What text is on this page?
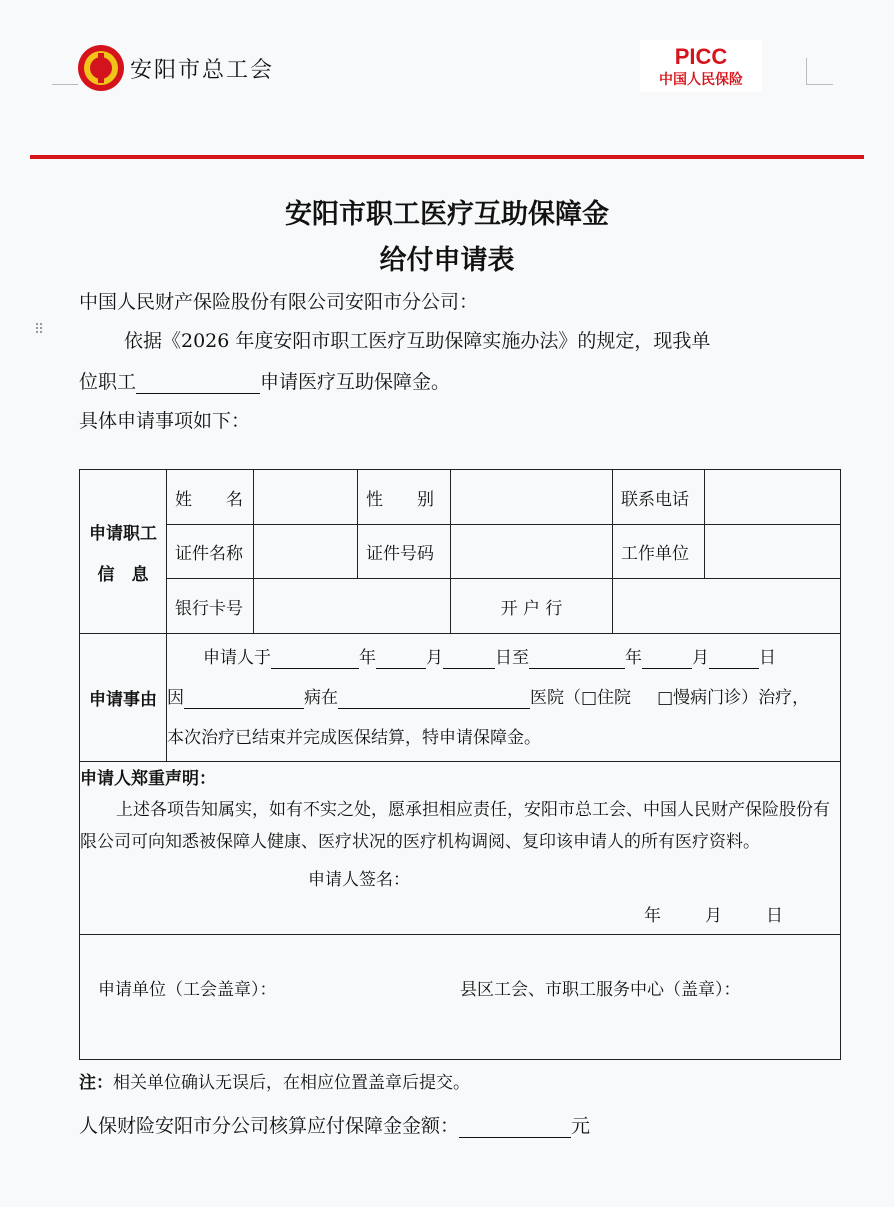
安阳市总工会
PICC
中国人民保险
安阳市职工医疗互助保障金
给付申请表
中国人民财产保险股份有限公司安阳市分公司：
⠿	依据《2026 年度安阳市职工医疗互助保障实施办法》的规定，现我单
位职工	申请医疗互助保障金。
具体申请事项如下：
申请职工
信　息	姓　　名		性　　别		联系电话	
	证件名称		证件号码		工作单位	
	银行卡号			开 户 行		
申请事由	申请人于 年 月 日至 年 月 日
因 病在 医院（□住院 □慢病门诊）治疗，
本次治疗已结束并完成医保结算，特申请保障金。					

申请人郑重声明：

上述各项告知属实，如有不实之处，愿承担相应责任，安阳市总工会、中国人民财产保险股份有限公司可向知悉被保障人健康、医疗状况的医疗机构调阅、复印该申请人的所有医疗资料。

申请人签名：
年 月 日						

申请单位（工会盖章）： 县区工会、市职工服务中心（盖章）：						
注：相关单位确认无误后，在相应位置盖章后提交。
人保财险安阳市分公司核算应付保障金金额：	元
